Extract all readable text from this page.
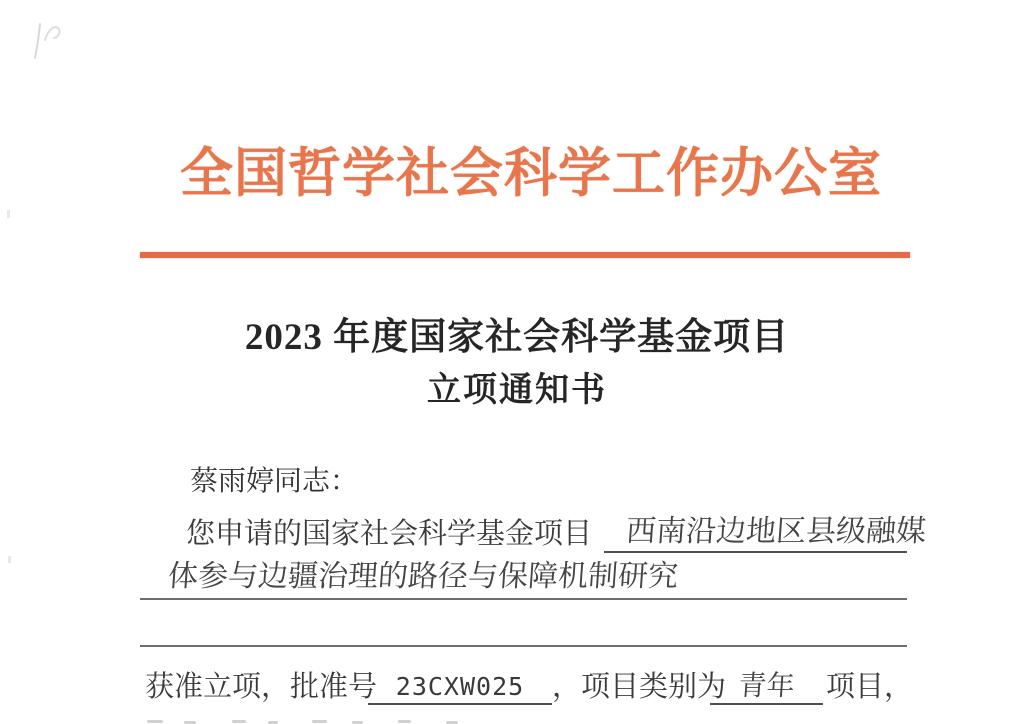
全国哲学社会科学工作办公室
2023 年度国家社会科学基金项目
立项通知书
蔡雨婷同志：
您申请的国家社会科学基金项目 西南沿边地区县级融媒
体参与边疆治理的路径与保障机制研究
获准立项，批准号 23CXW025 ，项目类别为 青年	项目，
